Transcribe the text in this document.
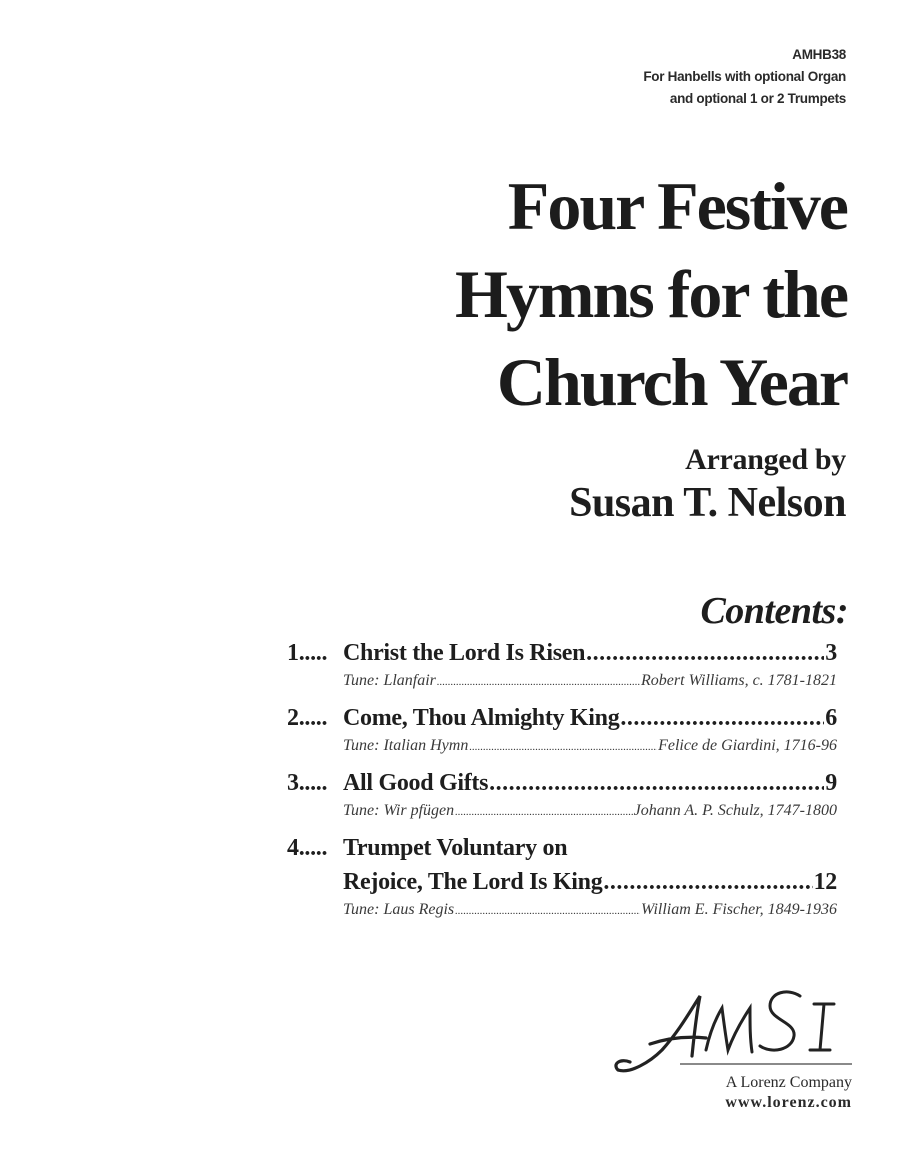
AMHB38
For Hanbells with optional Organ
and optional 1 or 2 Trumpets
Four Festive
Hymns for the
Church Year
Arranged by
Susan T. Nelson
Contents:
1..... Christ the Lord Is Risen .....	3
Tune: Llanfair .....	Robert Williams, c. 1781-1821
2..... Come, Thou Almighty King .....	6
Tune: Italian Hymn .....	Felice de Giardini, 1716-96
3..... All Good Gifts .....	9
Tune: Wir pfügen .....	Johann A. P. Schulz, 1747-1800
4..... Trumpet Voluntary on
Rejoice, The Lord Is King .....	12
Tune: Laus Regis .....	William E. Fischer, 1849-1936
A Lorenz Company
www.lorenz.com
